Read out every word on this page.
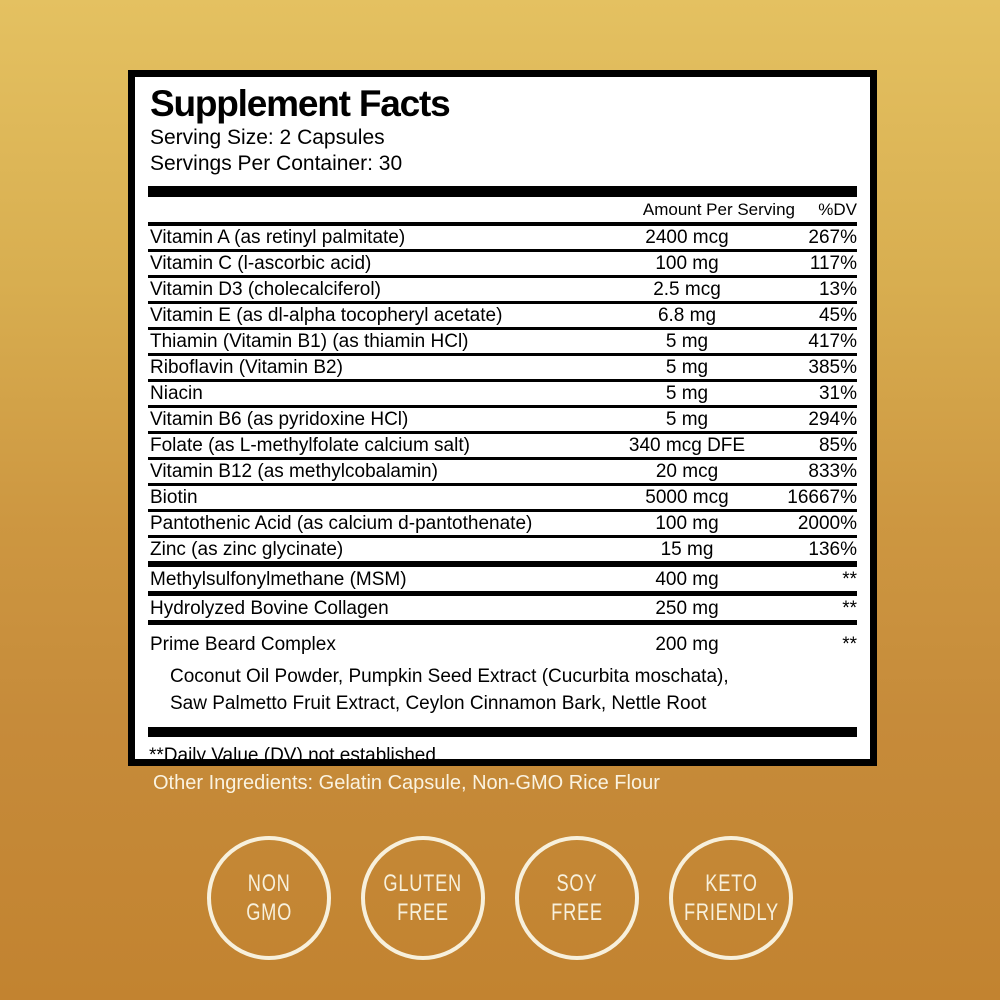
Supplement Facts
Serving Size: 2 Capsules
Servings Per Container: 30
Amount Per Serving	%DV
Vitamin A (as retinyl palmitate)	2400 mcg	267%
Vitamin C (l-ascorbic acid)	100 mg	117%
Vitamin D3 (cholecalciferol)	2.5 mcg	13%
Vitamin E (as dl-alpha tocopheryl acetate)	6.8 mg	45%
Thiamin (Vitamin B1) (as thiamin HCl)	5 mg	417%
Riboflavin (Vitamin B2)	5 mg	385%
Niacin	5 mg	31%
Vitamin B6 (as pyridoxine HCl)	5 mg	294%
Folate (as L-methylfolate calcium salt)	340 mcg DFE	85%
Vitamin B12 (as methylcobalamin)	20 mcg	833%
Biotin	5000 mcg	16667%
Pantothenic Acid (as calcium d-pantothenate)	100 mg	2000%
Zinc (as zinc glycinate)	15 mg	136%
Methylsulfonylmethane (MSM)	400 mg	**
Hydrolyzed Bovine Collagen	250 mg	**
Prime Beard Complex	200 mg	**
Coconut Oil Powder, Pumpkin Seed Extract (Cucurbita moschata),
Saw Palmetto Fruit Extract, Ceylon Cinnamon Bark, Nettle Root
**Daily Value (DV) not established.
Other Ingredients: Gelatin Capsule, Non-GMO Rice Flour
NON
GMO
GLUTEN
FREE
SOY
FREE
KETO
FRIENDLY
